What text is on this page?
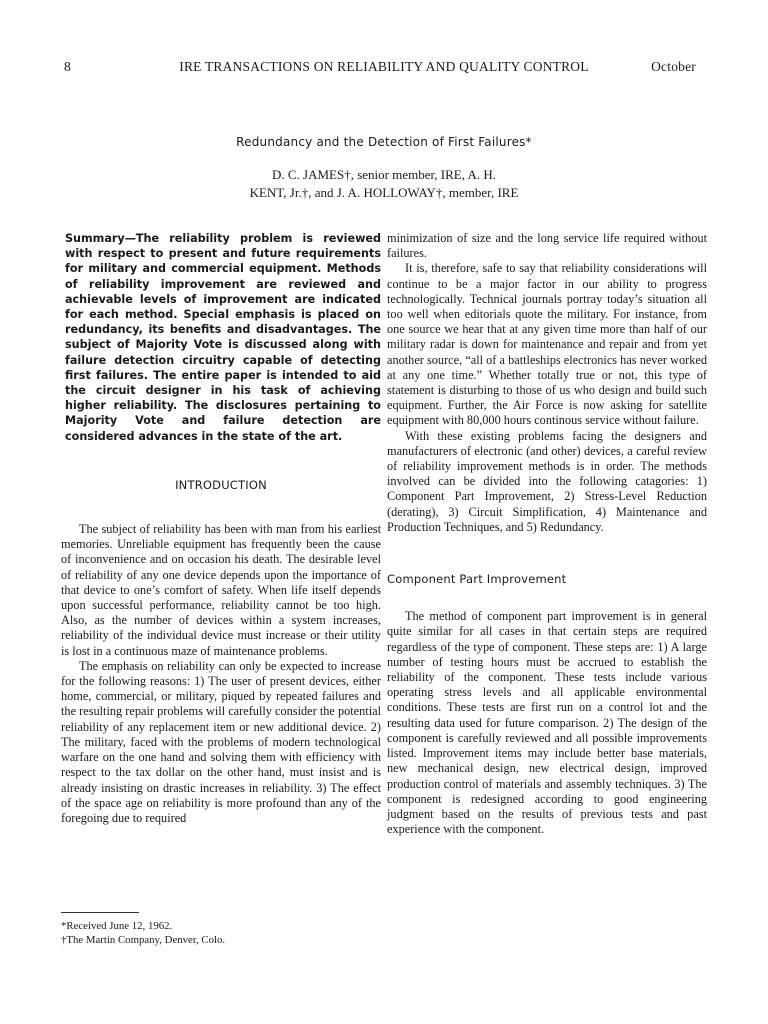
8	IRE TRANSACTIONS ON RELIABILITY AND QUALITY CONTROL	October
Redundancy and the Detection of First Failures*
D. C. JAMES†, senior member, IRE, A. H.
KENT, Jr.†, and J. A. HOLLOWAY†, member, IRE

Summary—The reliability problem is reviewed with respect to present and future requirements for military and commercial equipment. Methods of reliability improvement are reviewed and achievable levels of improvement are indicated for each method. Special emphasis is placed on redundancy, its benefits and disadvantages. The subject of Majority Vote is discussed along with failure detection circuitry capable of detecting first failures. The entire paper is intended to aid the circuit designer in his task of achieving higher reliability. The disclosures pertaining to Majority Vote and failure detection are considered advances in the state of the art.

INTRODUCTION

The subject of reliability has been with man from his earliest memories. Unreliable equipment has frequently been the cause of inconvenience and on occasion his death. The desirable level of reliability of any one device depends upon the importance of that device to one’s comfort of safety. When life itself depends upon successful performance, reliability cannot be too high. Also, as the number of devices within a system increases, reliability of the individual device must increase or their utility is lost in a continuous maze of maintenance problems.

The emphasis on reliability can only be expected to increase for the following reasons: 1) The user of present devices, either home, commercial, or military, piqued by repeated failures and the resulting repair problems will carefully consider the potential reliability of any replacement item or new additional device. 2) The military, faced with the problems of modern technological warfare on the one hand and solving them with efficiency with respect to the tax dollar on the other hand, must insist and is already insisting on drastic increases in reliability. 3) The effect of the space age on reliability is more profound than any of the foregoing due to required

minimization of size and the long service life required without failures.

It is, therefore, safe to say that reliability considerations will continue to be a major factor in our ability to progress technologically. Technical journals portray today’s situation all too well when editorials quote the military. For instance, from one source we hear that at any given time more than half of our military radar is down for maintenance and repair and from yet another source, “all of a battleships electronics has never worked at any one time.” Whether totally true or not, this type of statement is disturbing to those of us who design and build such equipment. Further, the Air Force is now asking for satellite equipment with 80,000 hours continous service without failure.

With these existing problems facing the designers and manufacturers of electronic (and other) devices, a careful review of reliability improvement methods is in order. The methods involved can be divided into the following catagories: 1) Component Part Improvement, 2) Stress-Level Reduction (derating), 3) Circuit Simplification, 4) Maintenance and Production Techniques, and 5) Redundancy.

Component Part Improvement

The method of component part improvement is in general quite similar for all cases in that certain steps are required regardless of the type of component. These steps are: 1) A large number of testing hours must be accrued to establish the reliability of the component. These tests include various operating stress levels and all applicable environmental conditions. These tests are first run on a control lot and the resulting data used for future comparison. 2) The design of the component is carefully reviewed and all possible improvements listed. Improvement items may include better base materials, new mechanical design, new electrical design, improved production control of materials and assembly techniques. 3) The component is redesigned according to good engineering judgment based on the results of previous tests and past experience with the component.

*Received June 12, 1962.
†The Martin Company, Denver, Colo.
